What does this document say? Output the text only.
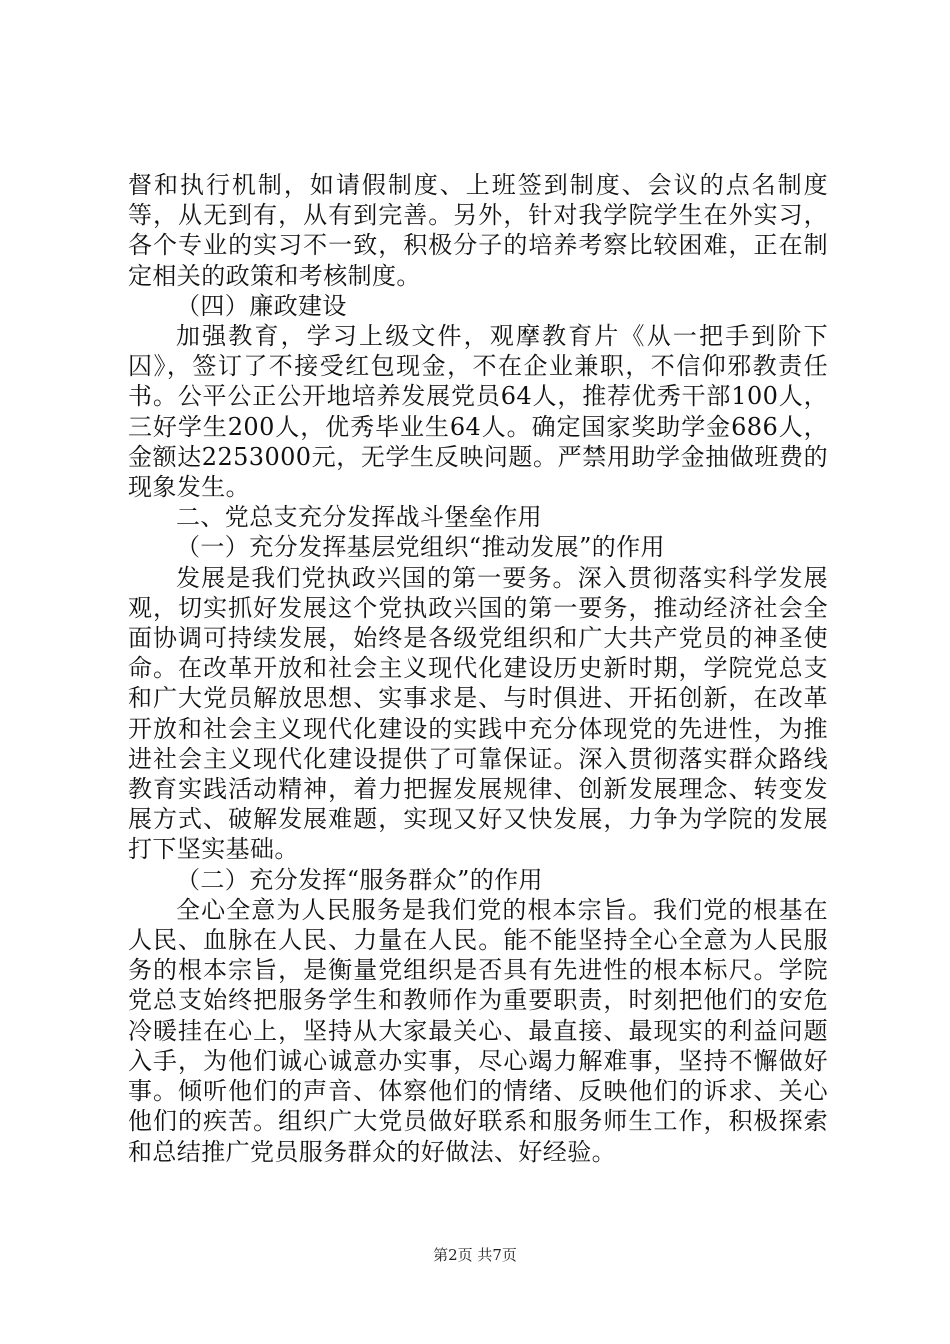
督和执行机制，如请假制度、上班签到制度、会议的点名制度等，从无到有，从有到完善。另外，针对我学院学生在外实习，各个专业的实习不一致，积极分子的培养考察比较困难，正在制定相关的政策和考核制度。

（四）廉政建设

加强教育，学习上级文件，观摩教育片《从一把手到阶下囚》，签订了不接受红包现金，不在企业兼职，不信仰邪教责任书。公平公正公开地培养发展党员64人，推荐优秀干部100人，三好学生200人，优秀毕业生64人。确定国家奖助学金686人，金额达2253000元，无学生反映问题。严禁用助学金抽做班费的现象发生。

二、党总支充分发挥战斗堡垒作用

（一）充分发挥基层党组织“推动发展”的作用

发展是我们党执政兴国的第一要务。深入贯彻落实科学发展观，切实抓好发展这个党执政兴国的第一要务，推动经济社会全面协调可持续发展，始终是各级党组织和广大共产党员的神圣使命。在改革开放和社会主义现代化建设历史新时期，学院党总支和广大党员解放思想、实事求是、与时俱进、开拓创新，在改革开放和社会主义现代化建设的实践中充分体现党的先进性，为推进社会主义现代化建设提供了可靠保证。深入贯彻落实群众路线教育实践活动精神，着力把握发展规律、创新发展理念、转变发展方式、破解发展难题，实现又好又快发展，力争为学院的发展打下坚实基础。

（二）充分发挥“服务群众”的作用

全心全意为人民服务是我们党的根本宗旨。我们党的根基在人民、血脉在人民、力量在人民。能不能坚持全心全意为人民服务的根本宗旨，是衡量党组织是否具有先进性的根本标尺。学院党总支始终把服务学生和教师作为重要职责，时刻把他们的安危冷暖挂在心上，坚持从大家最关心、最直接、最现实的利益问题入手，为他们诚心诚意办实事，尽心竭力解难事，坚持不懈做好事。倾听他们的声音、体察他们的情绪、反映他们的诉求、关心他们的疾苦。组织广大党员做好联系和服务师生工作，积极探索和总结推广党员服务群众的好做法、好经验。

第2页 共7页
